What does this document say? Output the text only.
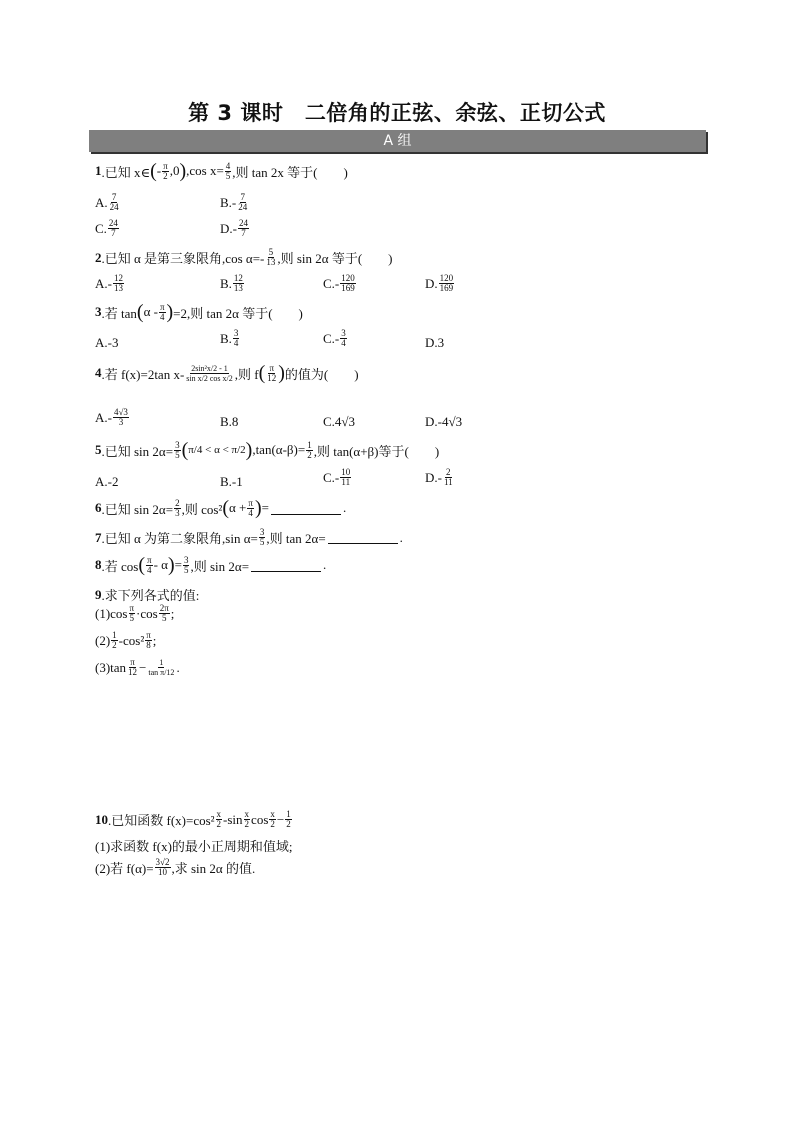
第 3 课时　二倍角的正弦、余弦、正切公式
A 组
1 .已知 x∈ ( - $\frac{\pi}{2} ,0$ ) ,cos $x= \frac{4}{5}$ ,则 tan 2x 等于(　　)
A. $\frac{7}{24}$	$B.- \frac{7}{24}$
C. $\frac{24}{7}$	$D.- \frac{24}{7}$
2 .已知 α 是第三象限角,cos $\alpha=- \frac{5}{13}$ ,则 sin 2α 等于(　　)
$A.- \frac{12}{13}$	B. $\frac{12}{13}$	$C.- \frac{120}{169}$	D. $\frac{120}{169}$
3 .若 tan ( α - $\frac{\pi}{4}$ ) =2,则 tan 2α 等于(　　)
A.-3	B. $\frac{3}{4}$	$C.- \frac{3}{4}$	D.3
4 .若 f(x)=2tan $x- \frac{\text{2sin²x/2 - 1}}{\text{sin x/2 cos x/2}}$ ,则 f ( $\frac{\pi}{12}$ ) 的值为(　　)
$A.- \frac{4√3}{3}$	B.8	C.4√3	D.-4√3
5 .已知 $\sin 2\alpha= \frac{3}{5}$ ( π/4 < α < π/2 ) $,\tan(\alpha-\beta)= \frac{1}{2}$ ,则 tan(α+β)等于(　　)
A.-2	B.-1	$C.- \frac{10}{11}$	$D.- \frac{2}{11}$
6 .已知 $\sin 2\alpha= \frac{2}{3}$ ,则 cos² ( $\alpha + \frac{\pi}{4}$ ) =	.
7 .已知 α 为第二象限角,sin $\alpha= \frac{3}{5}$ ,则 tan 2α=	.
8 .若 cos ( $\frac{\pi}{4}$ - α ) = $\frac{3}{5}$ ,则 sin 2α=	.
9 .求下列各式的值:
$(1)\cos \frac{\pi}{5} \cdot\cos \frac{2\pi}{5}$ ;
$(2) \frac{1}{2} -\cos^2 \frac{\pi}{8}$ ;
$(3)\tan \frac{\pi}{12} - \frac{1}{\text{tan π/12}}$ .
10 .已知函数 $f(x)=\cos^2 \frac{x}{2} -\sin \frac{x}{2}$ $\cos \frac{x}{2} - \frac{1}{2}$
(1)求函数 f(x)的最小正周期和值域;
(2)若 $f(\alpha)= \frac{3√2}{10}$ ,求 sin 2α 的值.
